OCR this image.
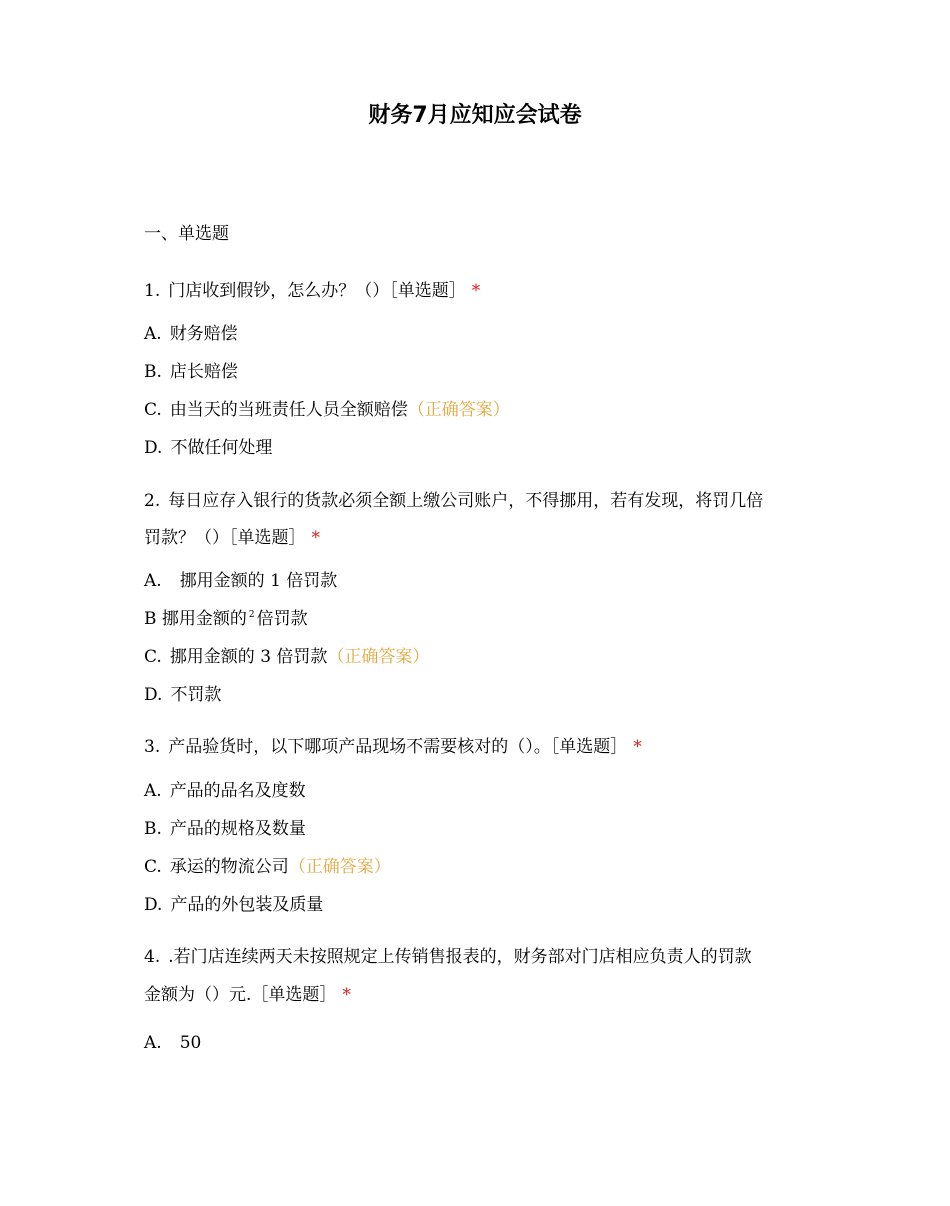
财务7月应知应会试卷
一、单选题
1. 门店收到假钞，怎么办？（）［单选题］ *
A. 财务赔偿
B. 店长赔偿
C. 由当天的当班责任人员全额赔偿（正确答案）
D. 不做任何处理
2. 每日应存入银行的货款必须全额上缴公司账户，不得挪用，若有发现，将罚几倍
罚款？（）［单选题］ *
A. 挪用金额的 1 倍罚款
B 挪用金额的 $^2$ 倍罚款
C. 挪用金额的 3 倍罚款（正确答案）
D. 不罚款
3. 产品验货时，以下哪项产品现场不需要核对的（）。［单选题］ *
A. 产品的品名及度数
B. 产品的规格及数量
C. 承运的物流公司（正确答案）
D. 产品的外包装及质量
4. .若门店连续两天未按照规定上传销售报表的，财务部对门店相应负责人的罚款
金额为（）元.［单选题］ *
A. 50
